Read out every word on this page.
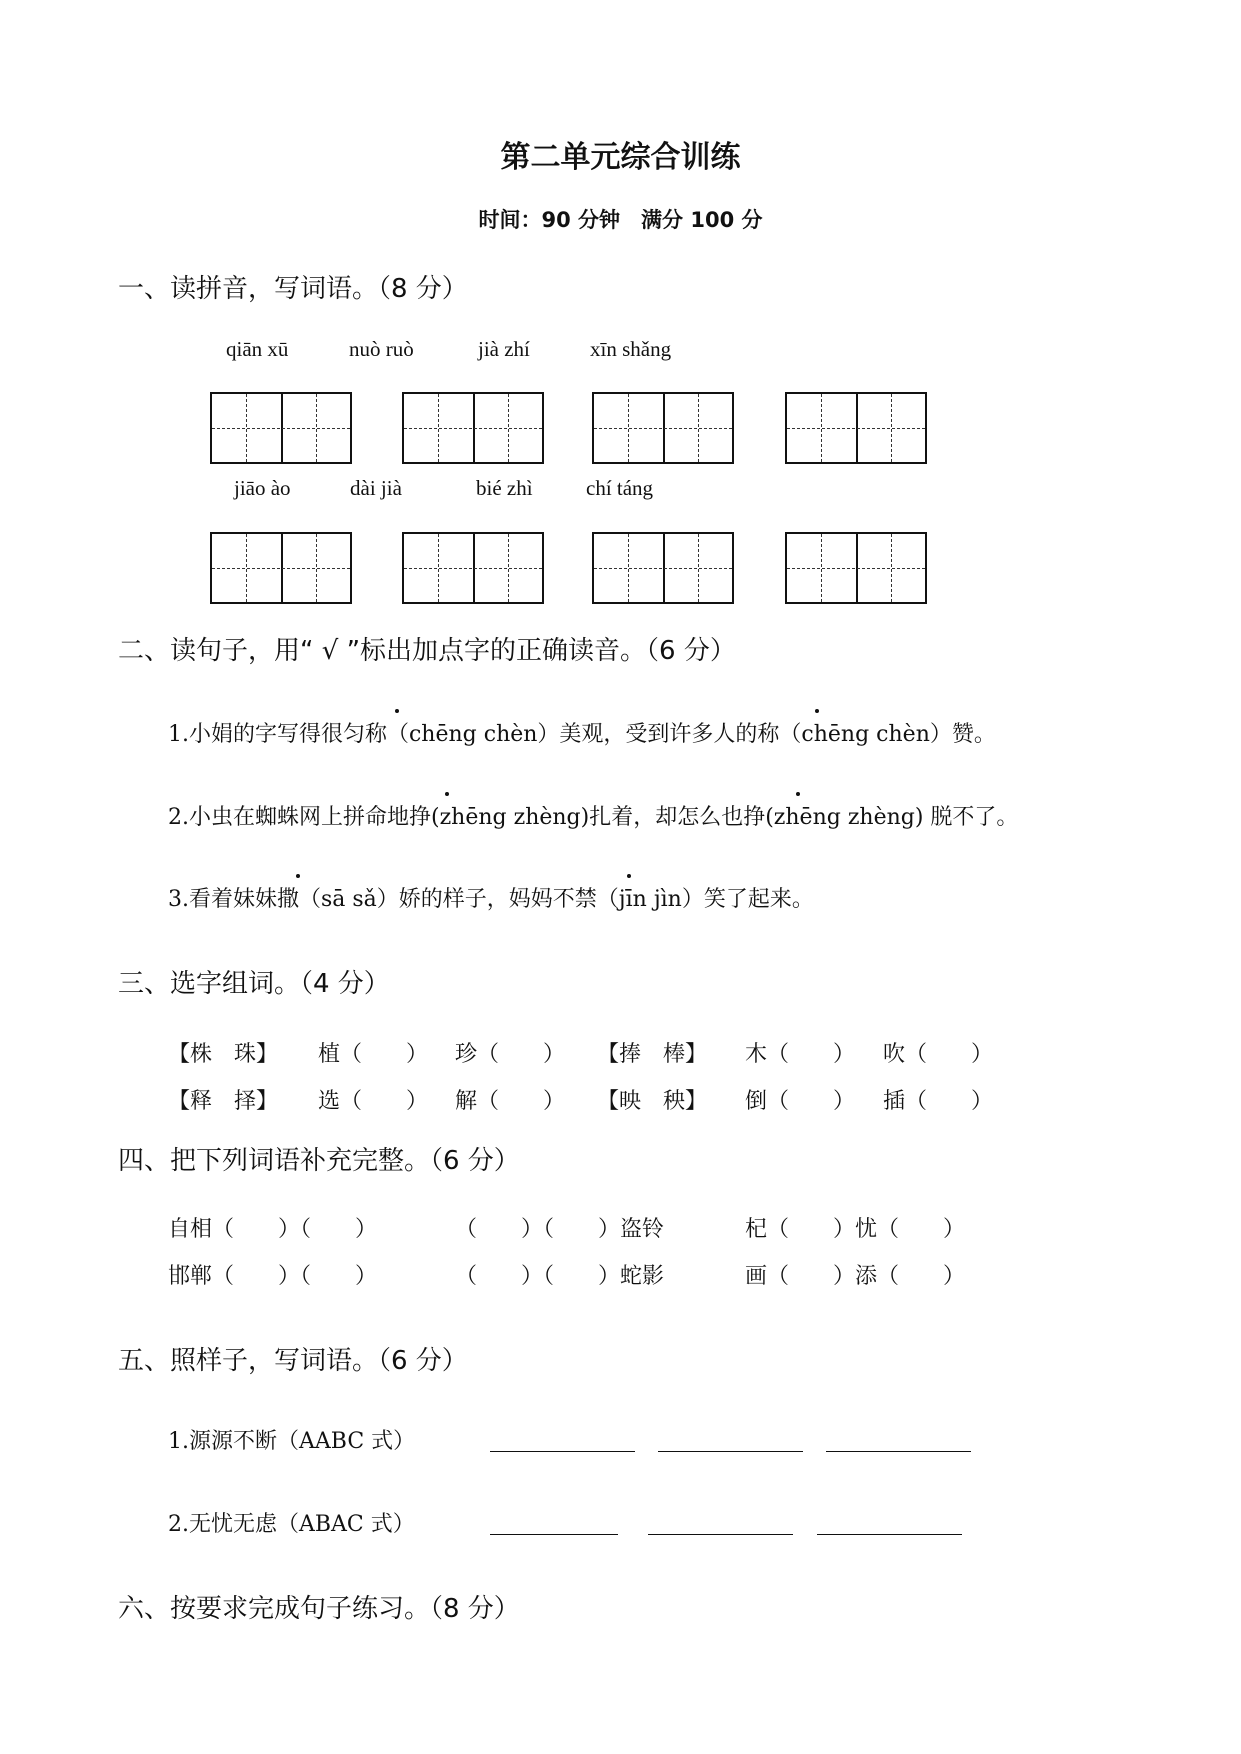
第二单元综合训练
时间：90 分钟　满分 100 分
一、读拼音，写词语。（8 分）
qiān xū	nuò ruò	jià zhí	xīn shǎng
jiāo ào	dài jià	bié zhì	chí táng
二、读句子，用“ √ ”标出加点字的正确读音。（6 分）
1.小娟的字写得很匀称（chēng chèn）美观，受到许多人的称（chēng chèn）赞。
2.小虫在蜘蛛网上拼命地挣(zhēng zhèng)扎着，却怎么也挣(zhēng zhèng) 脱不了。
3.看着妹妹撒（sā sǎ）娇的样子，妈妈不禁（jīn jìn）笑了起来。
三、选字组词。（4 分）
【株　珠】 植（　　） 珍（　　） 【捧　棒】 木（　　） 吹（　　）
【释　择】 选（　　） 解（　　） 【映　秧】 倒（　　） 插（　　）
四、把下列词语补充完整。（6 分）
自相（　　）（　　）	（　　）（　　）盗铃	杞（　　）忧（　　）
邯郸（　　）（　　）	（　　）（　　）蛇影	画（　　）添（　　）
五、照样子，写词语。（6 分）
1.源源不断（AABC 式）
2.无忧无虑（ABAC 式）
六、按要求完成句子练习。（8 分）
